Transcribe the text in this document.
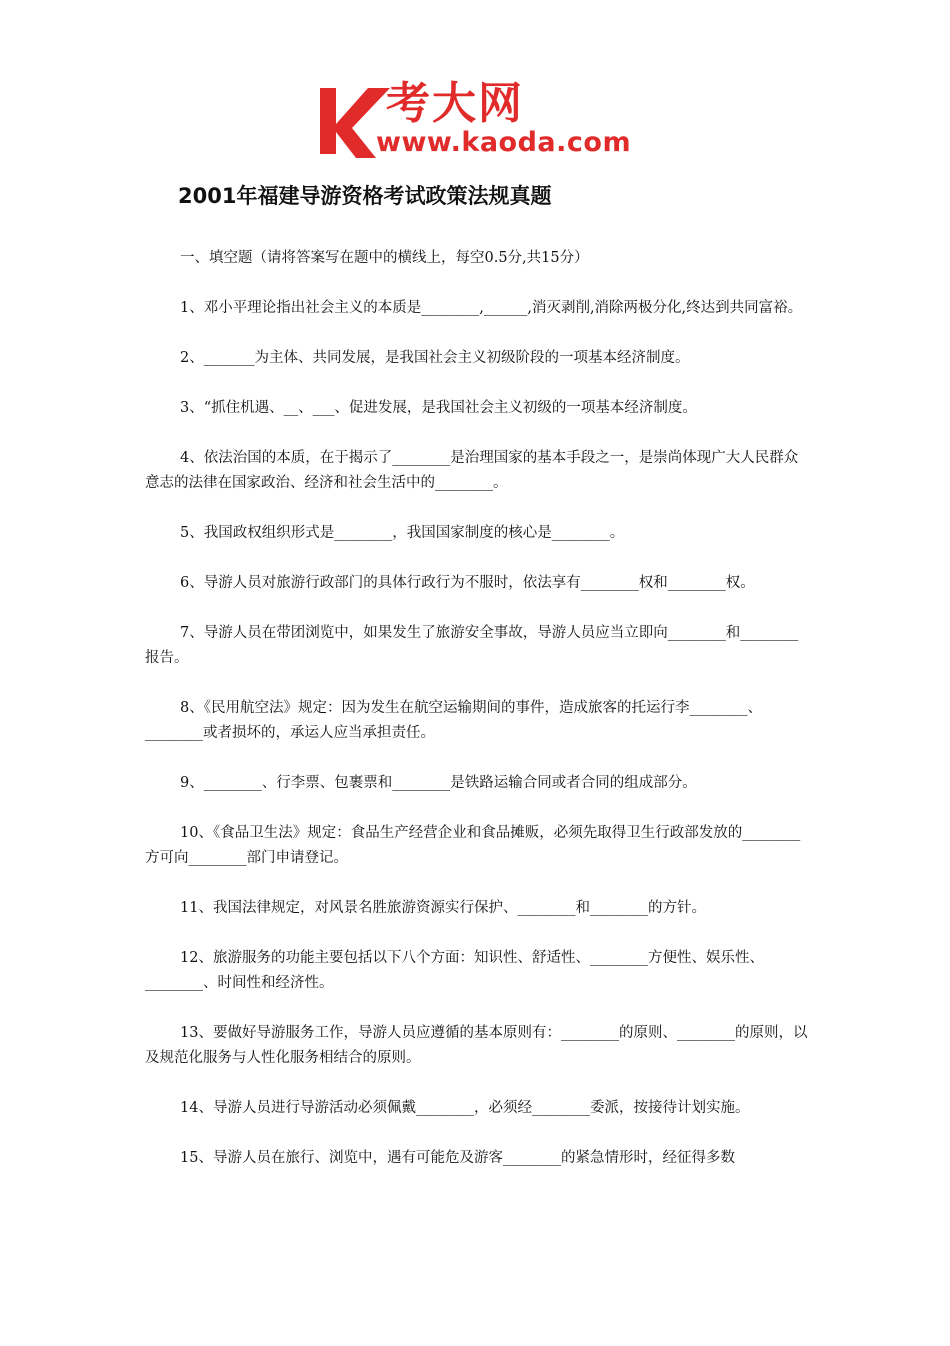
考大网
www.kaoda.com
2001年福建导游资格考试政策法规真题

一、填空题（请将答案写在题中的横线上，每空0.5分,共15分）

1、邓小平理论指出社会主义的本质是________,______,消灭剥削,消除两极分化,终达到共同富裕。

2、_______为主体、共同发展，是我国社会主义初级阶段的一项基本经济制度。

3、“抓住机遇、__、___、促进发展，是我国社会主义初级的一项基本经济制度。

4、依法治国的本质，在于揭示了________是治理国家的基本手段之一，是崇尚体现广大人民群众意志的法律在国家政治、经济和社会生活中的________。

5、我国政权组织形式是________，我国国家制度的核心是________。

6、导游人员对旅游行政部门的具体行政行为不服时，依法享有________权和________权。

7、导游人员在带团浏览中，如果发生了旅游安全事故，导游人员应当立即向________和________报告。

8、《民用航空法》规定：因为发生在航空运输期间的事件，造成旅客的托运行李________、________或者损坏的，承运人应当承担责任。

9、________、行李票、包裹票和________是铁路运输合同或者合同的组成部分。

10、《食品卫生法》规定：食品生产经营企业和食品摊贩，必须先取得卫生行政部发放的________方可向________部门申请登记。

11、我国法律规定，对风景名胜旅游资源实行保护、________和________的方针。

12、旅游服务的功能主要包括以下八个方面：知识性、舒适性、________方便性、娱乐性、________、时间性和经济性。

13、要做好导游服务工作，导游人员应遵循的基本原则有：________的原则、________的原则，以及规范化服务与人性化服务相结合的原则。

14、导游人员进行导游活动必须佩戴________，必须经________委派，按接待计划实施。

15、导游人员在旅行、浏览中，遇有可能危及游客________的紧急情形时，经征得多数
